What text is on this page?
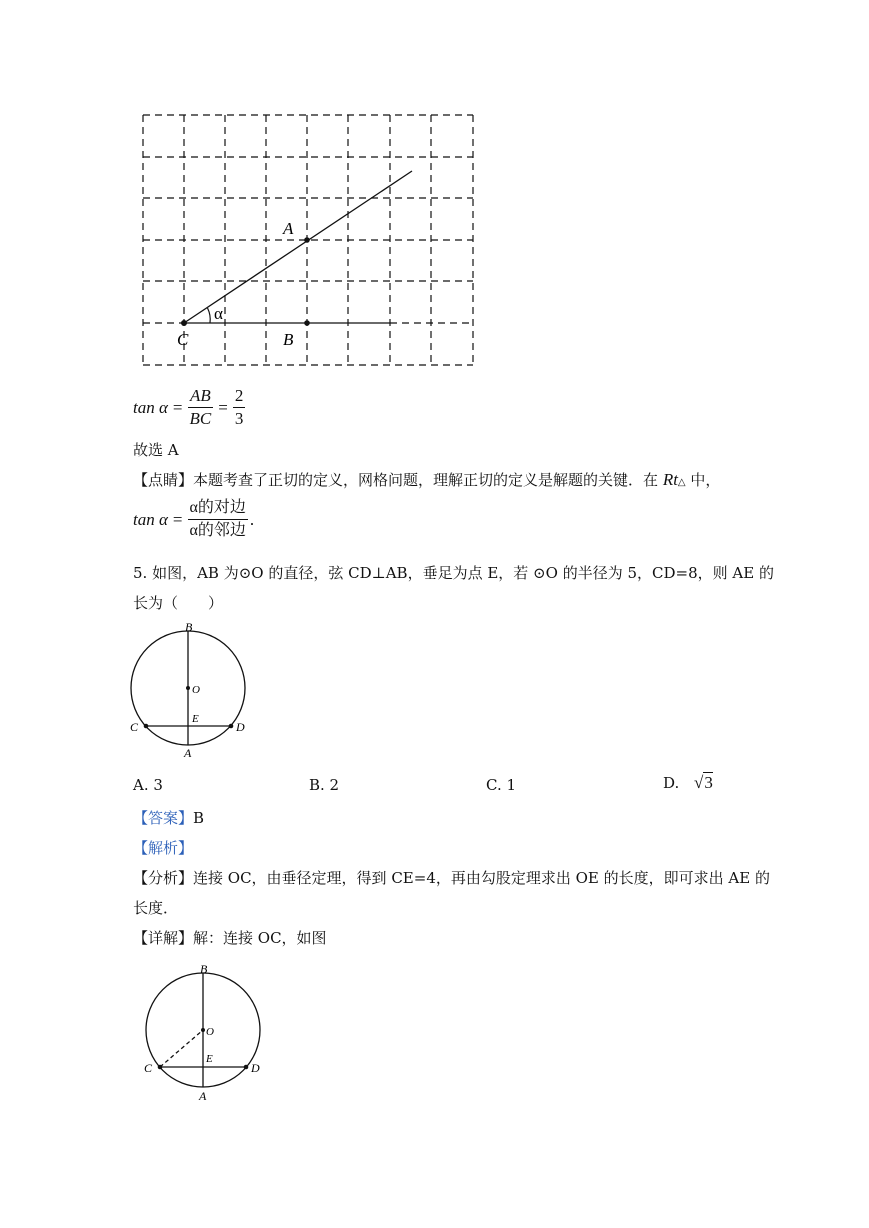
A
B
C
α
$\tan \alpha = \frac{AB}{BC} = \frac{2}{3}$
故选 A
【点睛】本题考查了正切的定义，网格问题，理解正切的定义是解题的关键．在 Rt△ 中，
$\tan \alpha = \frac{\text{α的对边}}{\text{α的邻边}}$ .
5. 如图，AB 为⊙O 的直径，弦 CD⊥AB，垂足为点 E，若 ⊙O 的半径为 5，CD=8，则 AE 的
长为（　　）
B
O
E
C	D
A
A. 3	B. 2	C. 1	D. √3
【答案】B
【解析】
【分析】连接 OC，由垂径定理，得到 CE=4，再由勾股定理求出 OE 的长度，即可求出 AE 的
长度．
【详解】解：连接 OC，如图
B
O
E
C	D
A
